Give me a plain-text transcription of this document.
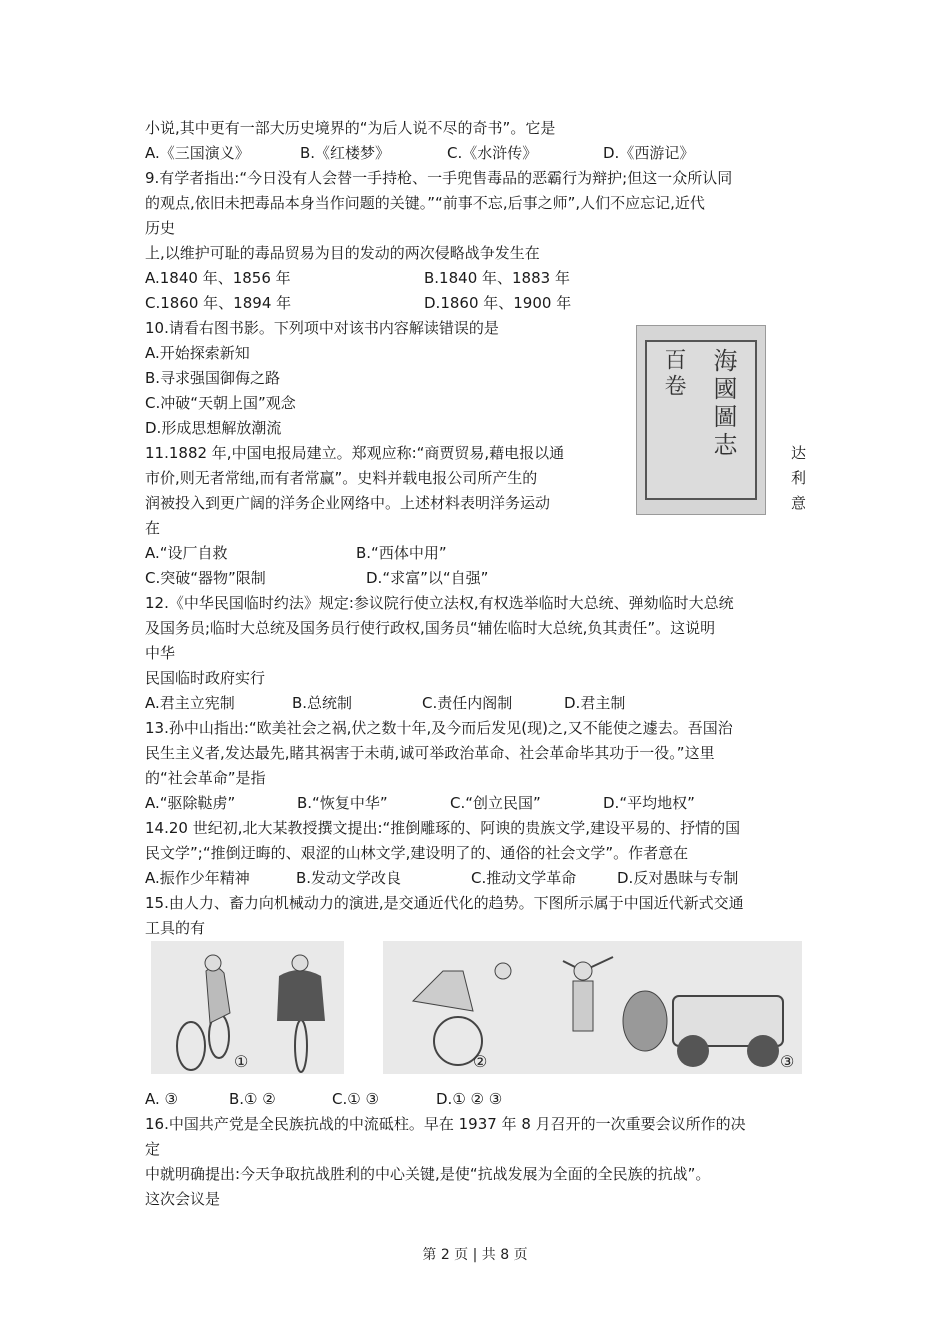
小说,其中更有一部大历史境界的“为后人说不尽的奇书”。它是
A.《三国演义》	B.《红楼梦》	C.《水浒传》	D.《西游记》
9.有学者指出:“今日没有人会替一手持枪、一手兜售毒品的恶霸行为辩护;但这一众所认同
的观点,依旧未把毒品本身当作问题的关键。”“前事不忘,后事之师”,人们不应忘记,近代
历史
上,以维护可耻的毒品贸易为目的发动的两次侵略战争发生在
A.1840 年、1856 年	B.1840 年、1883 年
C.1860 年、1894 年	D.1860 年、1900 年
10.请看右图书影。下列项中对该书内容解读错误的是
A.开始探索新知
B.寻求强国御侮之路
C.冲破“天朝上国”观念
D.形成思想解放潮流	海國圖志
百卷
11.1882 年,中国电报局建立。郑观应称:“商贾贸易,藉电报以通
市价,则无者常绌,而有者常赢”。史料并载电报公司所产生的
润被投入到更广阔的洋务企业网络中。上述材料表明洋务运动
在
达
利
意
A.“设厂自救	B.“西体中用”
C.突破“器物”限制	D.“求富”以“自强”
12.《中华民国临时约法》规定:参议院行使立法权,有权选举临时大总统、弹劾临时大总统
及国务员;临时大总统及国务员行使行政权,国务员“辅佐临时大总统,负其责任”。这说明
中华
民国临时政府实行
A.君主立宪制	B.总统制	C.责任内阁制	D.君主制
13.孙中山指出:“欧美社会之祸,伏之数十年,及今而后发见(现)之,又不能使之遽去。吾国治
民生主义者,发达最先,睹其祸害于未萌,诚可举政治革命、社会革命毕其功于一役。”这里
的“社会革命”是指
A.“驱除鞑虏”	B.“恢复中华”	C.“创立民国”	D.“平均地权”
14.20 世纪初,北大某教授撰文提出:“推倒雕琢的、阿谀的贵族文学,建设平易的、抒情的国
民文学”;“推倒迂晦的、艰涩的山林文学,建设明了的、通俗的社会文学”。作者意在
A.振作少年精神	B.发动文学改良	C.推动文学革命	D.反对愚昧与专制
15.由人力、畜力向机械动力的演进,是交通近代化的趋势。下图所示属于中国近代新式交通
工具的有
①	②	③
A. ③	B.① ②	C.① ③	D.① ② ③
16.中国共产党是全民族抗战的中流砥柱。早在 1937 年 8 月召开的一次重要会议所作的决
定
中就明确提出:今天争取抗战胜利的中心关键,是使“抗战发展为全面的全民族的抗战”。
这次会议是
第 2 页 | 共 8 页
